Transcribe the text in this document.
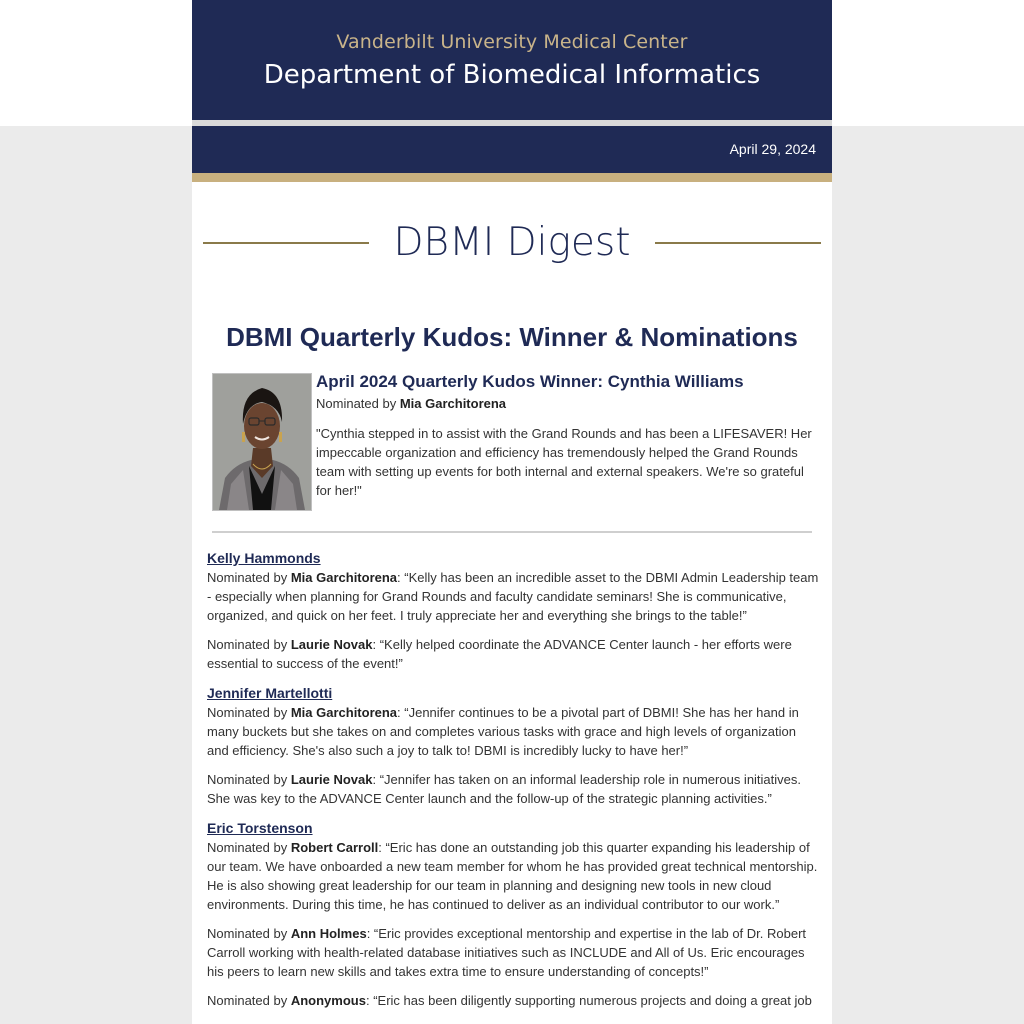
Vanderbilt University Medical Center
Department of Biomedical Informatics
April 29, 2024
DBMI Digest
DBMI Quarterly Kudos: Winner & Nominations
April 2024 Quarterly Kudos Winner: Cynthia Williams
Nominated by Mia Garchitorena
"Cynthia stepped in to assist with the Grand Rounds and has been a LIFESAVER! Her impeccable organization and efficiency has tremendously helped the Grand Rounds team with setting up events for both internal and external speakers. We're so grateful for her!"

Kelly Hammonds

Nominated by Mia Garchitorena: “Kelly has been an incredible asset to the DBMI Admin Leadership team - especially when planning for Grand Rounds and faculty candidate seminars! She is communicative, organized, and quick on her feet. I truly appreciate her and everything she brings to the table!”

Nominated by Laurie Novak: “Kelly helped coordinate the ADVANCE Center launch - her efforts were essential to success of the event!”

Jennifer Martellotti

Nominated by Mia Garchitorena: “Jennifer continues to be a pivotal part of DBMI! She has her hand in many buckets but she takes on and completes various tasks with grace and high levels of organization and efficiency. She's also such a joy to talk to! DBMI is incredibly lucky to have her!”

Nominated by Laurie Novak: “Jennifer has taken on an informal leadership role in numerous initiatives. She was key to the ADVANCE Center launch and the follow-up of the strategic planning activities.”

Eric Torstenson

Nominated by Robert Carroll: “Eric has done an outstanding job this quarter expanding his leadership of our team. We have onboarded a new team member for whom he has provided great technical mentorship. He is also showing great leadership for our team in planning and designing new tools in new cloud environments. During this time, he has continued to deliver as an individual contributor to our work.”

Nominated by Ann Holmes: “Eric provides exceptional mentorship and expertise in the lab of Dr. Robert Carroll working with health-related database initiatives such as INCLUDE and All of Us. Eric encourages his peers to learn new skills and takes extra time to ensure understanding of concepts!”

Nominated by Anonymous: “Eric has been diligently supporting numerous projects and doing a great job
